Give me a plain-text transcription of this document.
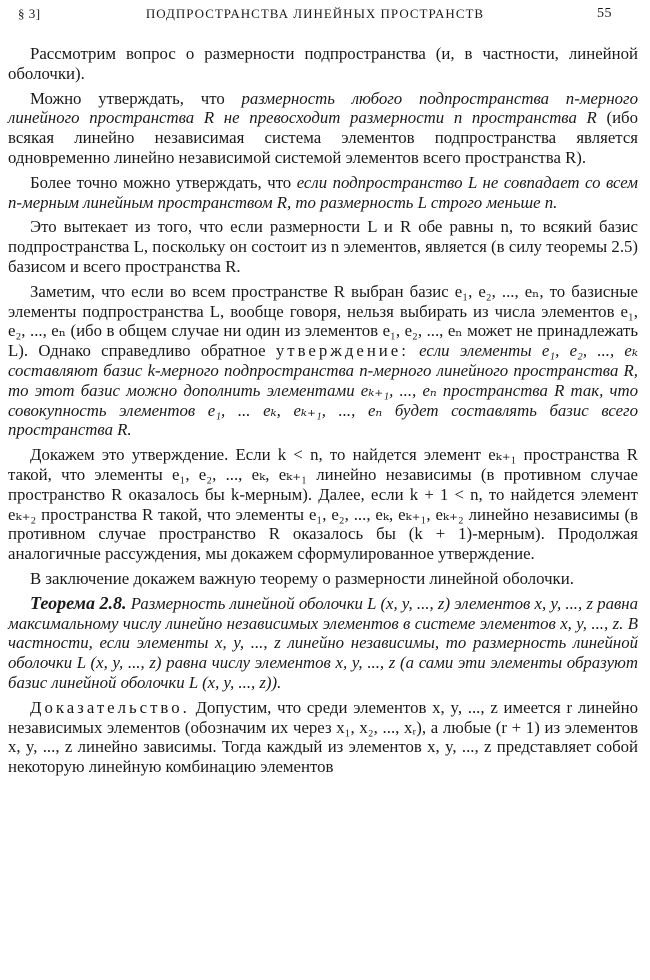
§ 3]	ПОДПРОСТРАНСТВА ЛИНЕЙНЫХ ПРОСТРАНСТВ	55

Рассмотрим вопрос о размерности подпространства (и, в частности, линейной оболочки).

Можно утверждать, что размерность любого подпространства n-мерного линейного пространства R не превосходит размерности n пространства R (ибо всякая линейно независимая система элементов подпространства является одновременно линейно независимой системой элементов всего пространства R).

Более точно можно утверждать, что если подпространство L не совпадает со всем n-мерным линейным пространством R, то размерность L строго меньше n.

Это вытекает из того, что если размерности L и R обе равны n, то всякий базис подпространства L, поскольку он состоит из n элементов, является (в силу теоремы 2.5) базисом и всего пространства R.

Заметим, что если во всем пространстве R выбран базис e₁, e₂, ..., eₙ, то базисные элементы подпространства L, вообще говоря, нельзя выбирать из числа элементов e₁, e₂, ..., eₙ (ибо в общем случае ни один из элементов e₁, e₂, ..., eₙ может не принадлежать L). Однако справедливо обратное утверждение: если элементы e₁, e₂, ..., eₖ составляют базис k-мерного подпространства n-мерного линейного пространства R, то этот базис можно дополнить элементами eₖ₊₁, ..., eₙ пространства R так, что совокупность элементов e₁, ... eₖ, eₖ₊₁, ..., eₙ будет составлять базис всего пространства R.

Докажем это утверждение. Если k < n, то найдется элемент eₖ₊₁ пространства R такой, что элементы e₁, e₂, ..., eₖ, eₖ₊₁ линейно независимы (в противном случае пространство R оказалось бы k-мерным). Далее, если k + 1 < n, то найдется элемент eₖ₊₂ пространства R такой, что элементы e₁, e₂, ..., eₖ, eₖ₊₁, eₖ₊₂ линейно независимы (в противном случае пространство R оказалось бы (k + 1)-мерным). Продолжая аналогичные рассуждения, мы докажем сформулированное утверждение.

В заключение докажем важную теорему о размерности линейной оболочки.

Теорема 2.8. Размерность линейной оболочки L (x, y, ..., z) элементов x, y, ..., z равна максимальному числу линейно независимых элементов в системе элементов x, y, ..., z. В частности, если элементы x, y, ..., z линейно независимы, то размерность линейной оболочки L (x, y, ..., z) равна числу элементов x, y, ..., z (а сами эти элементы образуют базис линейной оболочки L (x, y, ..., z)).

Доказательство. Допустим, что среди элементов x, y, ..., z имеется r линейно независимых элементов (обозначим их через x₁, x₂, ..., xᵣ), а любые (r + 1) из элементов x, y, ..., z линейно зависимы. Тогда каждый из элементов x, y, ..., z представляет собой некоторую линейную комбинацию элементов
